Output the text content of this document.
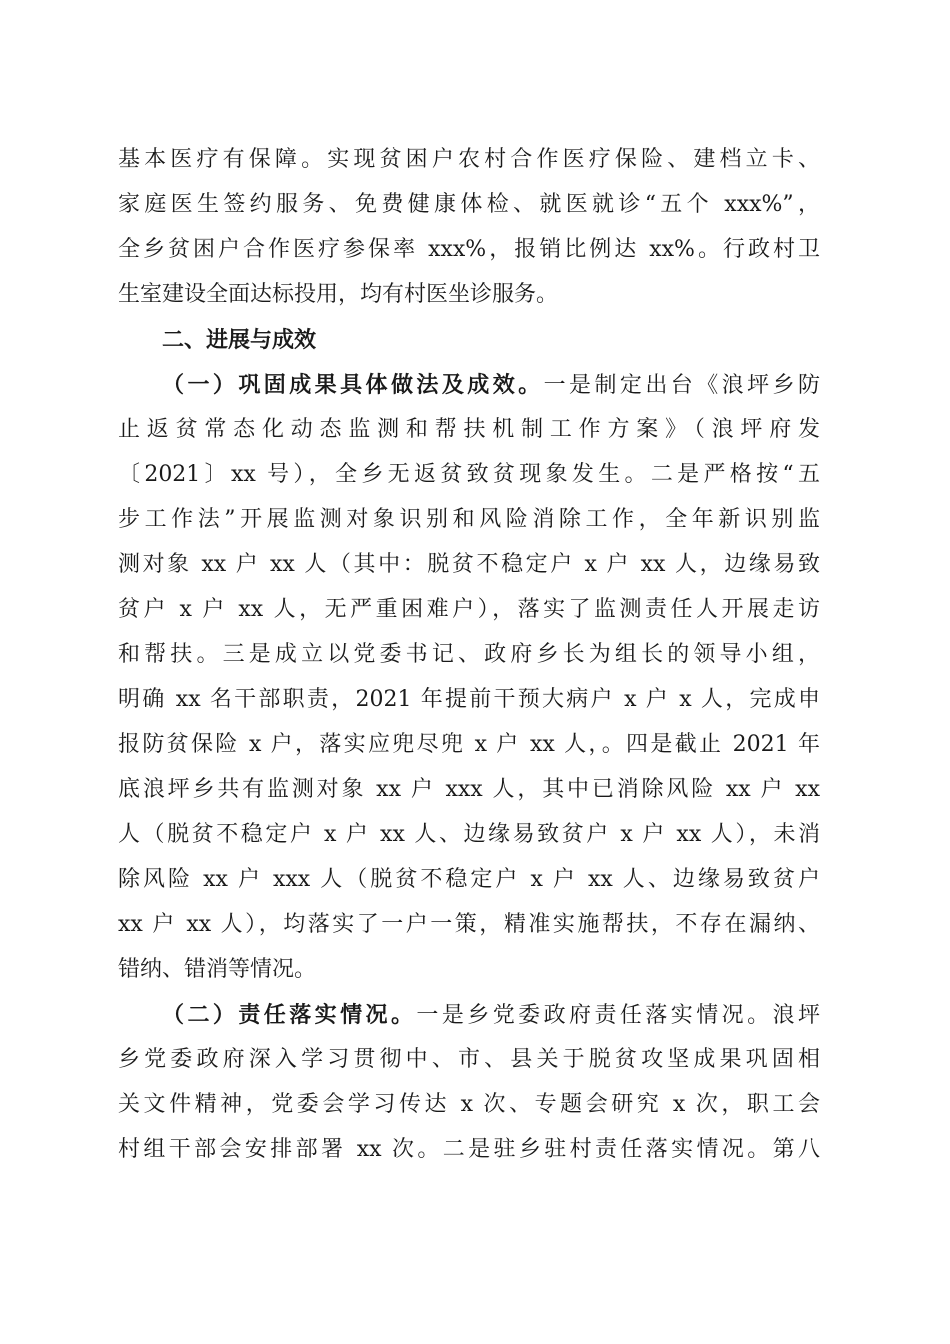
基本医疗有保障。实现贫困户农村合作医疗保险、建档立卡、
家庭医生签约服务、免费健康体检、就医就诊“五个 xxx%”，
全乡贫困户合作医疗参保率 xxx%，报销比例达 xx%。行政村卫
生室建设全面达标投用，均有村医坐诊服务。
二、进展与成效
（一）巩固成果具体做法及成效。一是制定出台《浪坪乡防
止返贫常态化动态监测和帮扶机制工作方案》（浪坪府发
〔2021〕xx 号），全乡无返贫致贫现象发生。二是严格按“五
步工作法”开展监测对象识别和风险消除工作，全年新识别监
测对象 xx 户 xx 人（其中：脱贫不稳定户 x 户 xx 人，边缘易致
贫户 x 户 xx 人，无严重困难户），落实了监测责任人开展走访
和帮扶。三是成立以党委书记、政府乡长为组长的领导小组，
明确 xx 名干部职责，2021 年提前干预大病户 x 户 x 人，完成申
报防贫保险 x 户，落实应兜尽兜 x 户 xx 人，。四是截止 2021 年
底浪坪乡共有监测对象 xx 户 xxx 人，其中已消除风险 xx 户 xx
人（脱贫不稳定户 x 户 xx 人、边缘易致贫户 x 户 xx 人），未消
除风险 xx 户 xxx 人（脱贫不稳定户 x 户 xx 人、边缘易致贫户
xx 户 xx 人），均落实了一户一策，精准实施帮扶，不存在漏纳、
错纳、错消等情况。
（二）责任落实情况。一是乡党委政府责任落实情况。浪坪
乡党委政府深入学习贯彻中、市、县关于脱贫攻坚成果巩固相
关文件精神，党委会学习传达 x 次、专题会研究 x 次，职工会
村组干部会安排部署 xx 次。二是驻乡驻村责任落实情况。第八
